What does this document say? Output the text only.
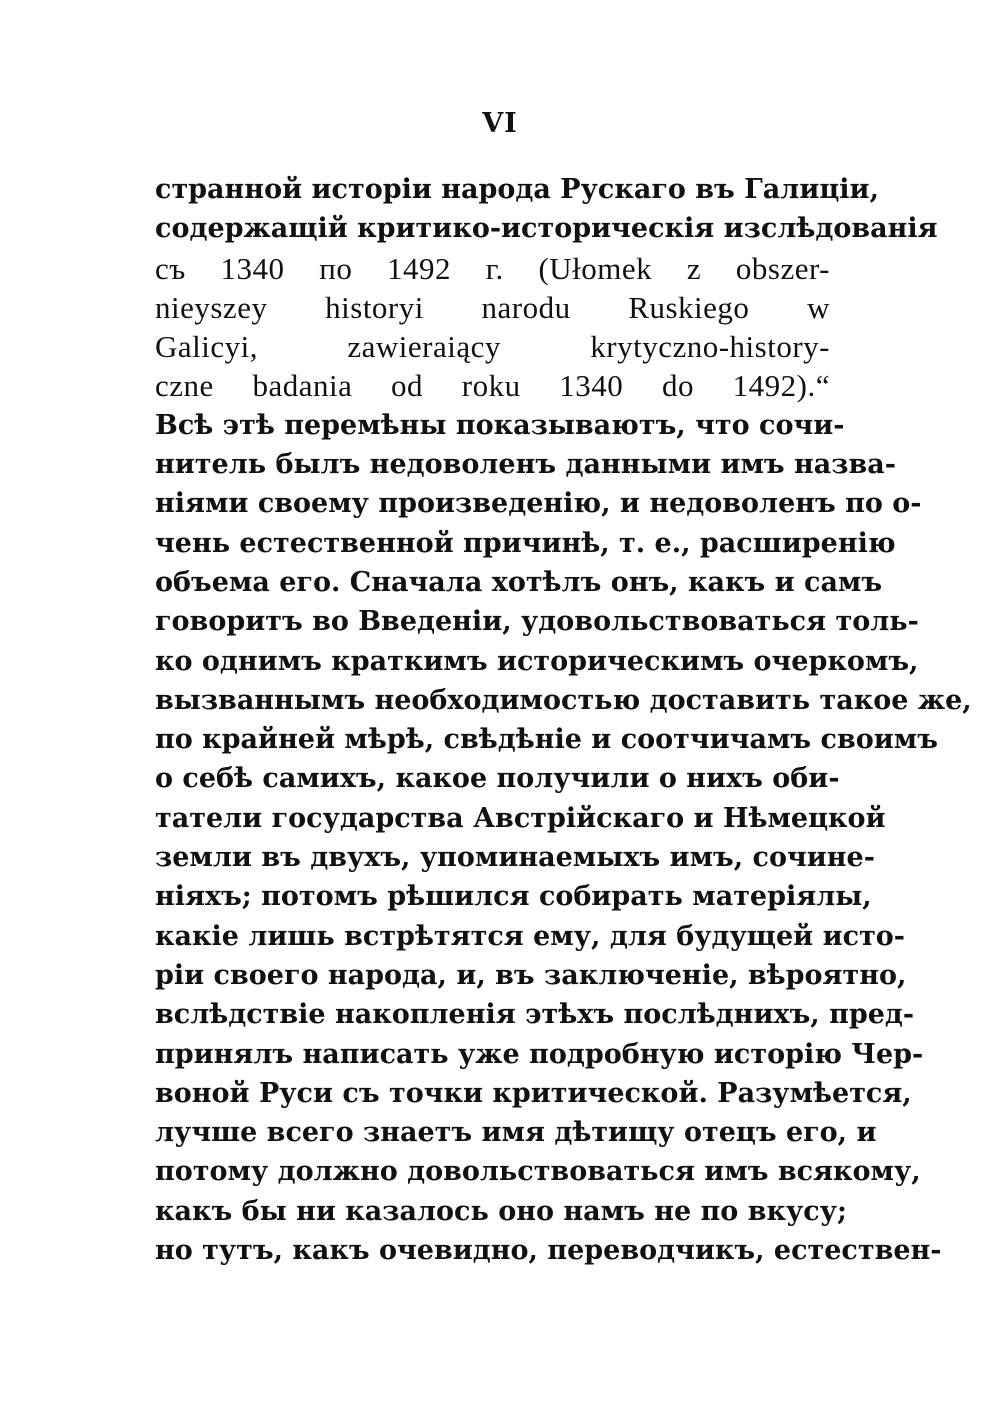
VI
странной исторіи народа Рускаго въ Галиціи,
содержащій критико-историческія изслѣдованія
съ 1340 по 1492 г. (Ułomek z obszer-
nieyszey historyi narodu Ruskiego w
Galicyi, zawieraiący krytyczno-history-
czne badania od roku 1340 do 1492).“
Всѣ этѣ перемѣны показываютъ, что сочи-
нитель былъ недоволенъ данными имъ назва-
ніями своему произведенію, и недоволенъ по о-
чень естественной причинѣ, т. е., расширенію
объема его. Сначала хотѣлъ онъ, какъ и самъ
говоритъ во Введеніи, удовольствоваться толь-
ко однимъ краткимъ историческимъ очеркомъ,
вызваннымъ необходимостью доставить такое же,
по крайней мѣрѣ, свѣдѣніе и соотчичамъ своимъ
о себѣ самихъ, какое получили о нихъ оби-
татели государства Австрійскаго и Нѣмецкой
земли въ двухъ, упоминаемыхъ имъ, сочине-
ніяхъ; потомъ рѣшился собирать матеріялы,
какіе лишь встрѣтятся ему, для будущей исто-
ріи своего народа, и, въ заключеніе, вѣроятно,
вслѣдствіе накопленія этѣхъ послѣднихъ, пред-
принялъ написать уже подробную исторію Чер-
воной Руси съ точки критической. Разумѣется,
лучше всего знаетъ имя дѣтищу отецъ его, и
потому должно довольствоваться имъ всякому,
какъ бы ни казалось оно намъ не по вкусу;
но тутъ, какъ очевидно, переводчикъ, естествен-
